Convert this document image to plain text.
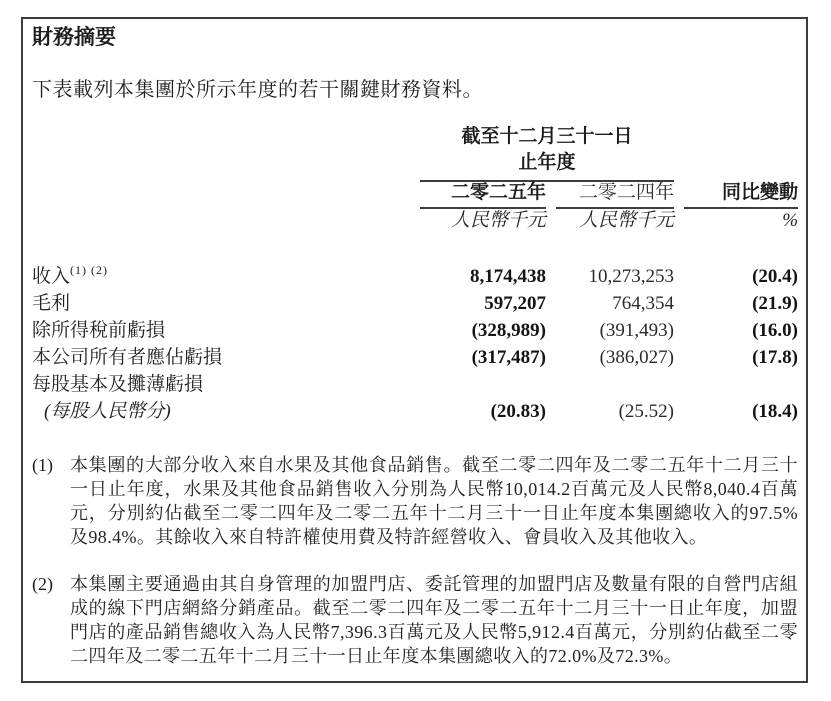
財務摘要

下表載列本集團於所示年度的若干關鍵財務資料。

	截至十二月三十一日
止年度		

	二零二五年	二零二四年	同比變動

	人民幣千元	人民幣千元	%

收入$^{(1) (2)}$	8,174,438	10,273,253	(20.4)
毛利	597,207	764,354	(21.9)
除所得稅前虧損	(328,989)	(391,493)	(16.0)
本公司所有者應佔虧損	(317,487)	(386,027)	(17.8)
每股基本及攤薄虧損			
(每股人民幣分)	(20.83)	(25.52)	(18.4)
(1) 本集團的大部分收入來自水果及其他食品銷售。截至二零二四年及二零二五年十二月三十一日止年度，水果及其他食品銷售收入分別為人民幣10,014.2百萬元及人民幣8,040.4百萬元，分別約佔截至二零二四年及二零二五年十二月三十一日止年度本集團總收入的97.5%及98.4%。其餘收入來自特許權使用費及特許經營收入、會員收入及其他收入。

(2) 本集團主要通過由其自身管理的加盟門店、委託管理的加盟門店及數量有限的自營門店組成的線下門店網絡分銷產品。截至二零二四年及二零二五年十二月三十一日止年度，加盟門店的產品銷售總收入為人民幣7,396.3百萬元及人民幣5,912.4百萬元，分別約佔截至二零二四年及二零二五年十二月三十一日止年度本集團總收入的72.0%及72.3%。
